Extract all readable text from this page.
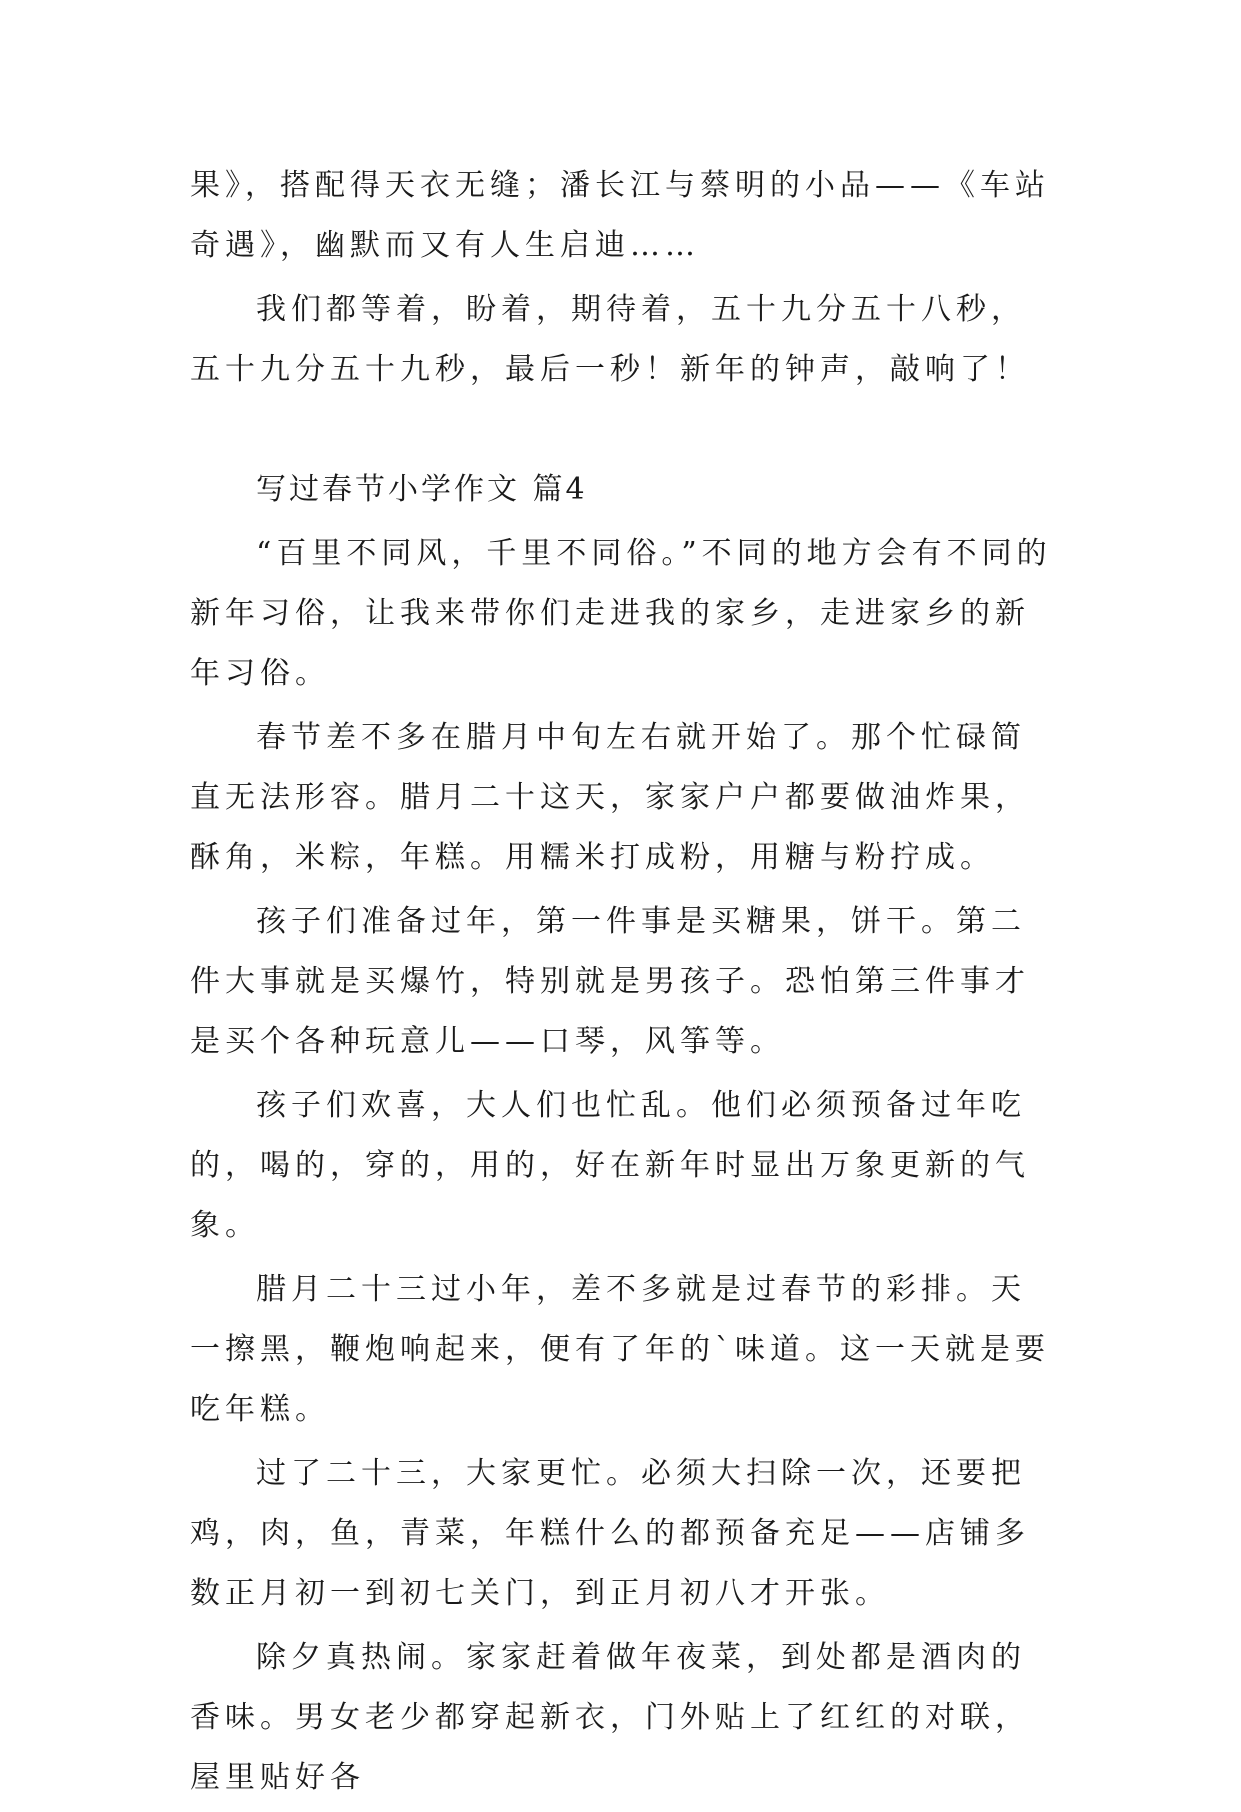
果》，搭配得天衣无缝；潘长江与蔡明的小品——《车站奇遇》，幽默而又有人生启迪……

我们都等着，盼着，期待着，五十九分五十八秒，五十九分五十九秒，最后一秒！新年的钟声，敲响了！

写过春节小学作文 篇4

“百里不同风，千里不同俗。”不同的地方会有不同的新年习俗，让我来带你们走进我的家乡，走进家乡的新年习俗。

春节差不多在腊月中旬左右就开始了。那个忙碌简直无法形容。腊月二十这天，家家户户都要做油炸果，酥角，米粽，年糕。用糯米打成粉，用糖与粉拧成。

孩子们准备过年，第一件事是买糖果，饼干。第二件大事就是买爆竹，特别就是男孩子。恐怕第三件事才是买个各种玩意儿——口琴，风筝等。

孩子们欢喜，大人们也忙乱。他们必须预备过年吃的，喝的，穿的，用的，好在新年时显出万象更新的气象。

腊月二十三过小年，差不多就是过春节的彩排。天一擦黑，鞭炮响起来，便有了年的`味道。这一天就是要吃年糕。

过了二十三，大家更忙。必须大扫除一次，还要把鸡，肉，鱼，青菜，年糕什么的都预备充足——店铺多数正月初一到初七关门，到正月初八才开张。

除夕真热闹。家家赶着做年夜菜，到处都是酒肉的香味。男女老少都穿起新衣，门外贴上了红红的对联，屋里贴好各
